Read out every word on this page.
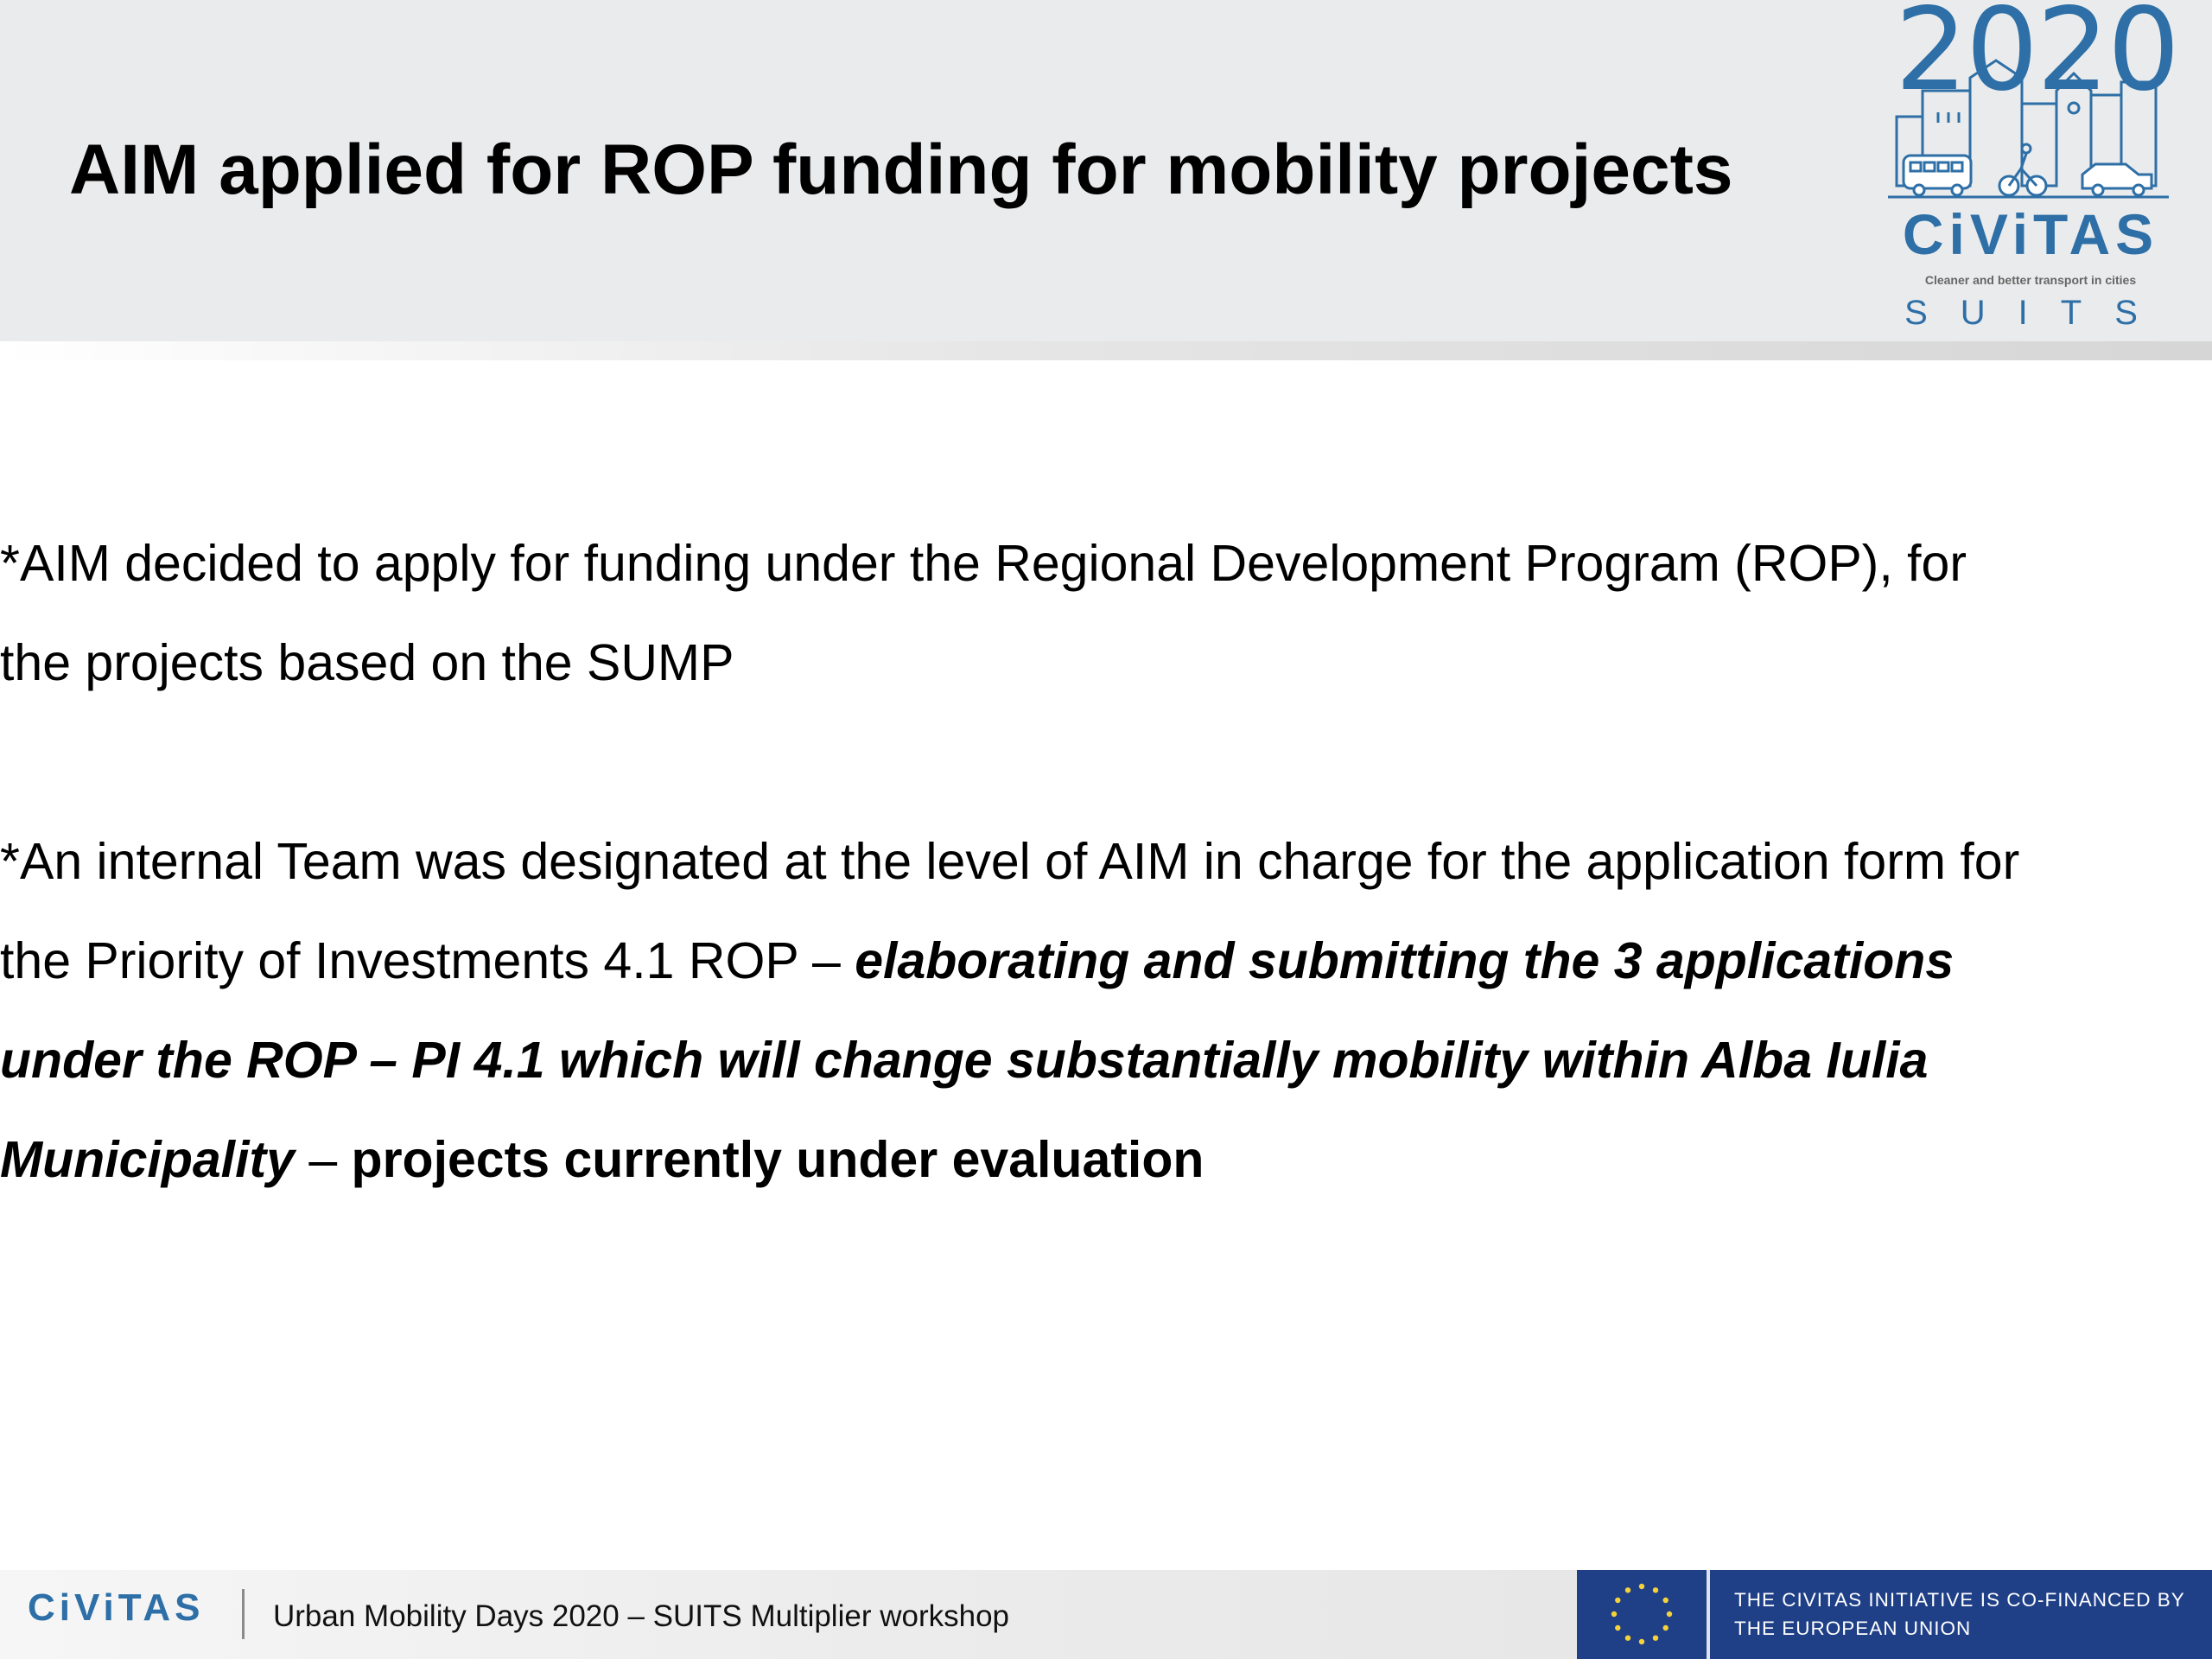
AIM applied for ROP funding for mobility projects
2020
CiViTAS
Cleaner and better transport in cities
SUITS

*AIM decided to apply for funding under the Regional Development Program (ROP), for
the projects based on the SUMP

*An internal Team was designated at the level of AIM in charge for the application form for
the Priority of Investments 4.1 ROP – elaborating and submitting the 3 applications
under the ROP – PI 4.1 which will change substantially mobility within Alba Iulia
Municipality – projects currently under evaluation

CiViTAS Urban Mobility Days 2020 – SUITS Multiplier workshop	THE CIVITAS INITIATIVE IS CO-FINANCED BY
THE EUROPEAN UNION
